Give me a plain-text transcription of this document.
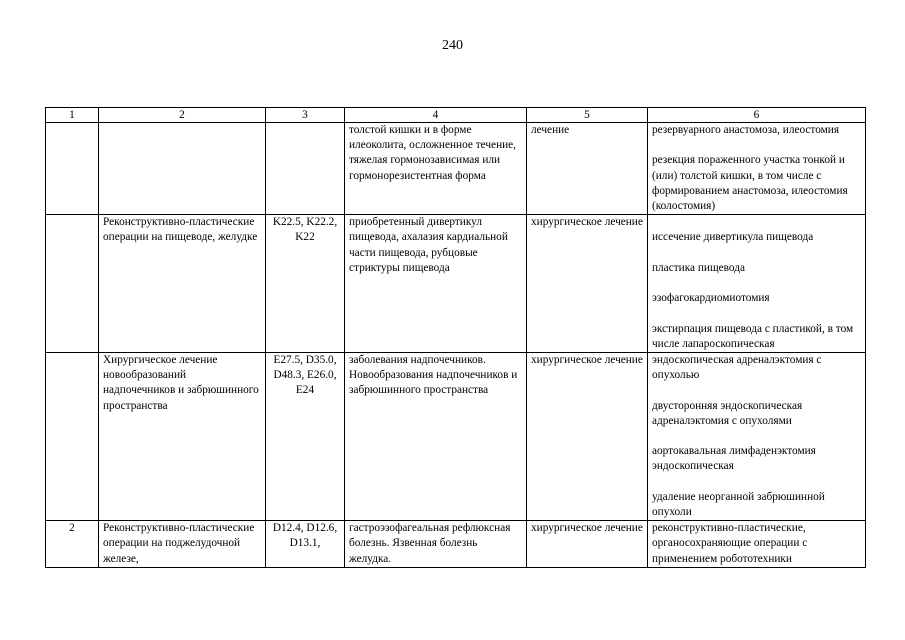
240
1	2	3	4	5	6
			толстой кишки и в форме илеоколита, осложненное течение, тяжелая гормонозависимая или гормонорезистентная форма	лечение	резервуарного анастомоза, илеостомия
резекция пораженного участка тонкой и (или) толстой кишки, в том числе с формированием анастомоза, илеостомия (колостомия)

	Реконструктивно-пластические операции на пищеводе, желудке	K22.5, K22.2, K22	приобретенный дивертикул пищевода, ахалазия кардиальной части пищевода, рубцовые стриктуры пищевода	хирургическое лечение	иссечение дивертикула пищевода
пластика пищевода
эзофагокардиомиотомия
экстирпация пищевода с пластикой, в том числе лапароскопическая

	Хирургическое лечение новообразований надпочечников и забрюшинного пространства	E27.5, D35.0, D48.3, E26.0, E24	заболевания надпочечников. Новообразования надпочечников и забрюшинного пространства	хирургическое лечение	эндоскопическая адреналэктомия с опухолью
двусторонняя эндоскопическая адреналэктомия с опухолями
аортокавальная лимфаденэктомия эндоскопическая
удаление неорганной забрюшинной опухоли

2	Реконструктивно-пластические операции на поджелудочной железе,	D12.4, D12.6, D13.1,	гастроэзофагеальная рефлюксная болезнь. Язвенная болезнь желудка.	хирургическое лечение	реконструктивно-пластические, органосохраняющие операции с применением робототехники
